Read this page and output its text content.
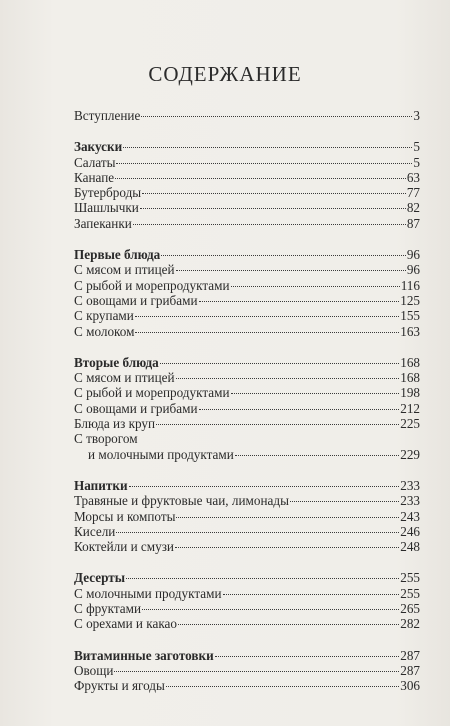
СОДЕРЖАНИЕ
Вступление	3
Закуски	5
Салаты	5
Канапе	63
Бутерброды	77
Шашлычки	82
Запеканки	87
Первые блюда	96
С мясом и птицей	96
С рыбой и морепродуктами	116
С овощами и грибами	125
С крупами	155
С молоком	163
Вторые блюда	168
С мясом и птицей	168
С рыбой и морепродуктами	198
С овощами и грибами	212
Блюда из круп	225
С творогом
и молочными продуктами	229
Напитки	233
Травяные и фруктовые чаи, лимонады	233
Морсы и компоты	243
Кисели	246
Коктейли и смузи	248
Десерты	255
С молочными продуктами	255
С фруктами	265
С орехами и какао	282
Витаминные заготовки	287
Овощи	287
Фрукты и ягоды	306
